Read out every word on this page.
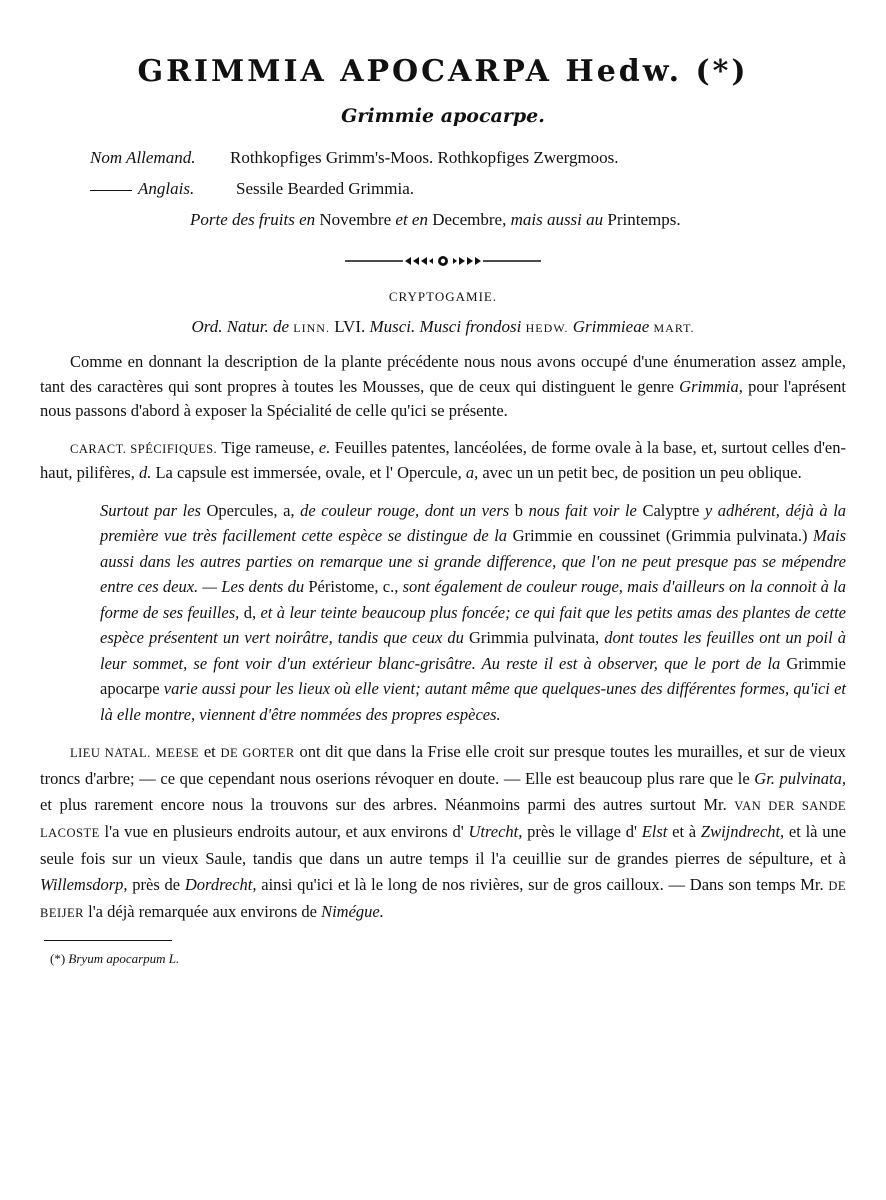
GRIMMIA APOCARPA Hedw. (*)
Grimmie apocarpe.
Nom Allemand. Rothkopfiges Grimm's-Moos. Rothkopfiges Zwergmoos.
Anglais. Sessile Bearded Grimmia.
Porte des fruits en Novembre et en Decembre, mais aussi au Printemps.
CRYPTOGAMIE.
Ord. Natur. de LINN. LVI. Musci. Musci frondosi HEDW. Grimmieae MART.

Comme en donnant la description de la plante précédente nous nous avons occupé d'une énumeration assez ample, tant des caractères qui sont propres à toutes les Mousses, que de ceux qui distinguent le genre Grimmia, pour l'aprésent nous passons d'abord à exposer la Spécialité de celle qu'ici se présente.

CARACT. SPÉCIFIQUES. Tige rameuse, e. Feuilles patentes, lancéolées, de forme ovale à la base, et, surtout celles d'en-haut, pilifères, d. La capsule est immersée, ovale, et l' Opercule, a, avec un un petit bec, de position un peu oblique.

Surtout par les Opercules, a, de couleur rouge, dont un vers b nous fait voir le Calyptre y adhérent, déjà à la première vue très facillement cette espèce se distingue de la Grimmie en coussinet (Grimmia pulvinata.) Mais aussi dans les autres parties on remarque une si grande difference, que l'on ne peut presque pas se mépendre entre ces deux. — Les dents du Péristome, c., sont également de couleur rouge, mais d'ailleurs on la connoit à la forme de ses feuilles, d, et à leur teinte beaucoup plus foncée; ce qui fait que les petits amas des plantes de cette espèce présentent un vert noirâtre, tandis que ceux du Grimmia pulvinata, dont toutes les feuilles ont un poil à leur sommet, se font voir d'un extérieur blanc-grisâtre. Au reste il est à observer, que le port de la Grimmie apocarpe varie aussi pour les lieux où elle vient; autant même que quelques-unes des différentes formes, qu'ici et là elle montre, viennent d'être nommées des propres espèces.

LIEU NATAL. MEESE et DE GORTER ont dit que dans la Frise elle croit sur presque toutes les murailles, et sur de vieux troncs d'arbre; — ce que cependant nous oserions révoquer en doute. — Elle est beaucoup plus rare que le Gr. pulvinata, et plus rarement encore nous la trouvons sur des arbres. Néanmoins parmi des autres surtout Mr. VAN DER SANDE LACOSTE l'a vue en plusieurs endroits autour, et aux environs d' Utrecht, près le village d' Elst et à Zwijndrecht, et là une seule fois sur un vieux Saule, tandis que dans un autre temps il l'a ceuillie sur de grandes pierres de sépulture, et à Willemsdorp, près de Dordrecht, ainsi qu'ici et là le long de nos rivières, sur de gros cailloux. — Dans son temps Mr. DE BEIJER l'a déjà remarquée aux environs de Nimégue.

(*) Bryum apocarpum L.
